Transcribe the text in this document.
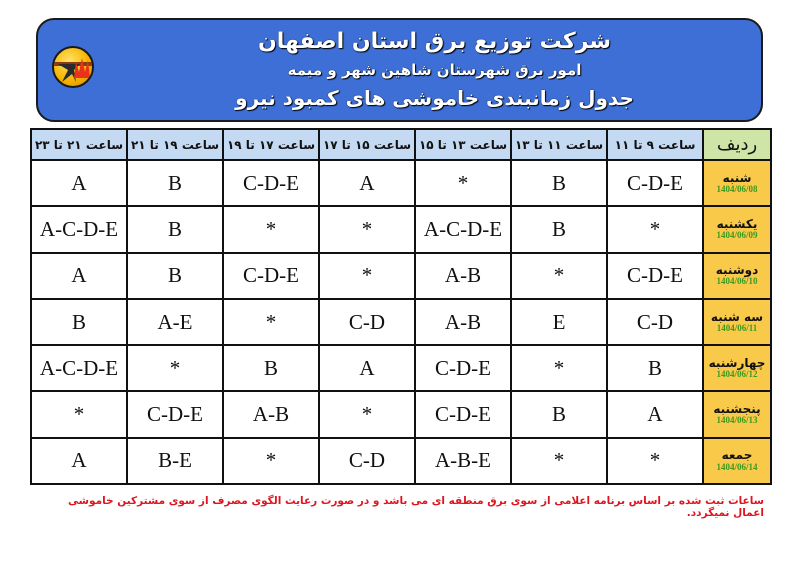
شرکت توزیع برق استان اصفهان
امور برق شهرستان شاهین شهر و میمه
جدول زمانبندی خاموشی های کمبود نیرو
ردیف	ساعت ۹ تا ۱۱	ساعت ۱۱ تا ۱۳	ساعت ۱۳ تا ۱۵	ساعت ۱۵ تا ۱۷	ساعت ۱۷ تا ۱۹	ساعت ۱۹ تا ۲۱	ساعت ۲۱ تا ۲۳

شنبه
1404/06/08	C-D-E	B	*	A	C-D-E	B	A

یکشنبه
1404/06/09	*	B	A-C-D-E	*	*	B	A-C-D-E

دوشنبه
1404/06/10	C-D-E	*	A-B	*	C-D-E	B	A

سه شنبه
1404/06/11	C-D	E	A-B	C-D	*	A-E	B

چهارشنبه
1404/06/12	B	*	C-D-E	A	B	*	A-C-D-E

پنجشنبه
1404/06/13	A	B	C-D-E	*	A-B	C-D-E	*

جمعه
1404/06/14	*	*	A-B-E	C-D	*	B-E	A
ساعات ثبت شده بر اساس برنامه اعلامی از سوی برق منطقه ای می باشد و در صورت رعایت الگوی مصرف از سوی مشترکین خاموشی اعمال نمیگردد.
